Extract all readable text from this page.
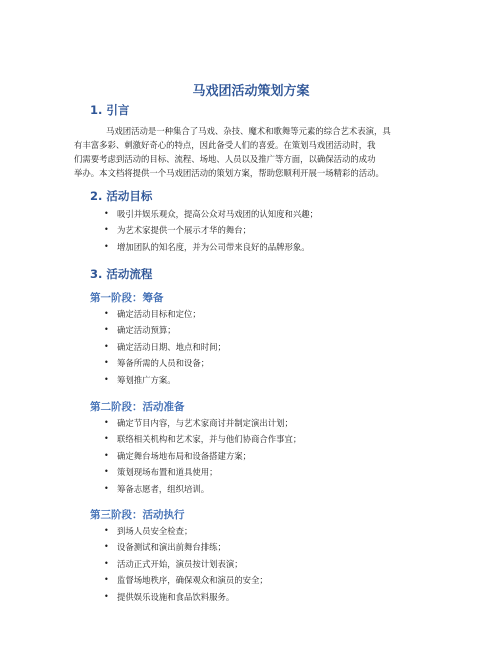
马戏团活动策划方案
1. 引言
马戏团活动是一种集合了马戏、杂技、魔术和歌舞等元素的综合艺术表演，具
有丰富多彩、刺激好奇心的特点，因此备受人们的喜爱。在策划马戏团活动时，我
们需要考虑到活动的目标、流程、场地、人员以及推广等方面，以确保活动的成功
举办。本文档将提供一个马戏团活动的策划方案，帮助您顺利开展一场精彩的活动。
2. 活动目标
• 吸引并娱乐观众，提高公众对马戏团的认知度和兴趣；
• 为艺术家提供一个展示才华的舞台；
• 增加团队的知名度，并为公司带来良好的品牌形象。
3. 活动流程
第一阶段：筹备
• 确定活动目标和定位；
• 确定活动预算；
• 确定活动日期、地点和时间；
• 筹备所需的人员和设备；
• 筹划推广方案。
第二阶段：活动准备
• 确定节目内容，与艺术家商讨并制定演出计划；
• 联络相关机构和艺术家，并与他们协商合作事宜；
• 确定舞台场地布局和设备搭建方案；
• 策划现场布置和道具使用；
• 筹备志愿者，组织培训。
第三阶段：活动执行
• 到场人员安全检查；
• 设备测试和演出前舞台排练；
• 活动正式开始，演员按计划表演；
• 监督场地秩序，确保观众和演员的安全；
• 提供娱乐设施和食品饮料服务。
